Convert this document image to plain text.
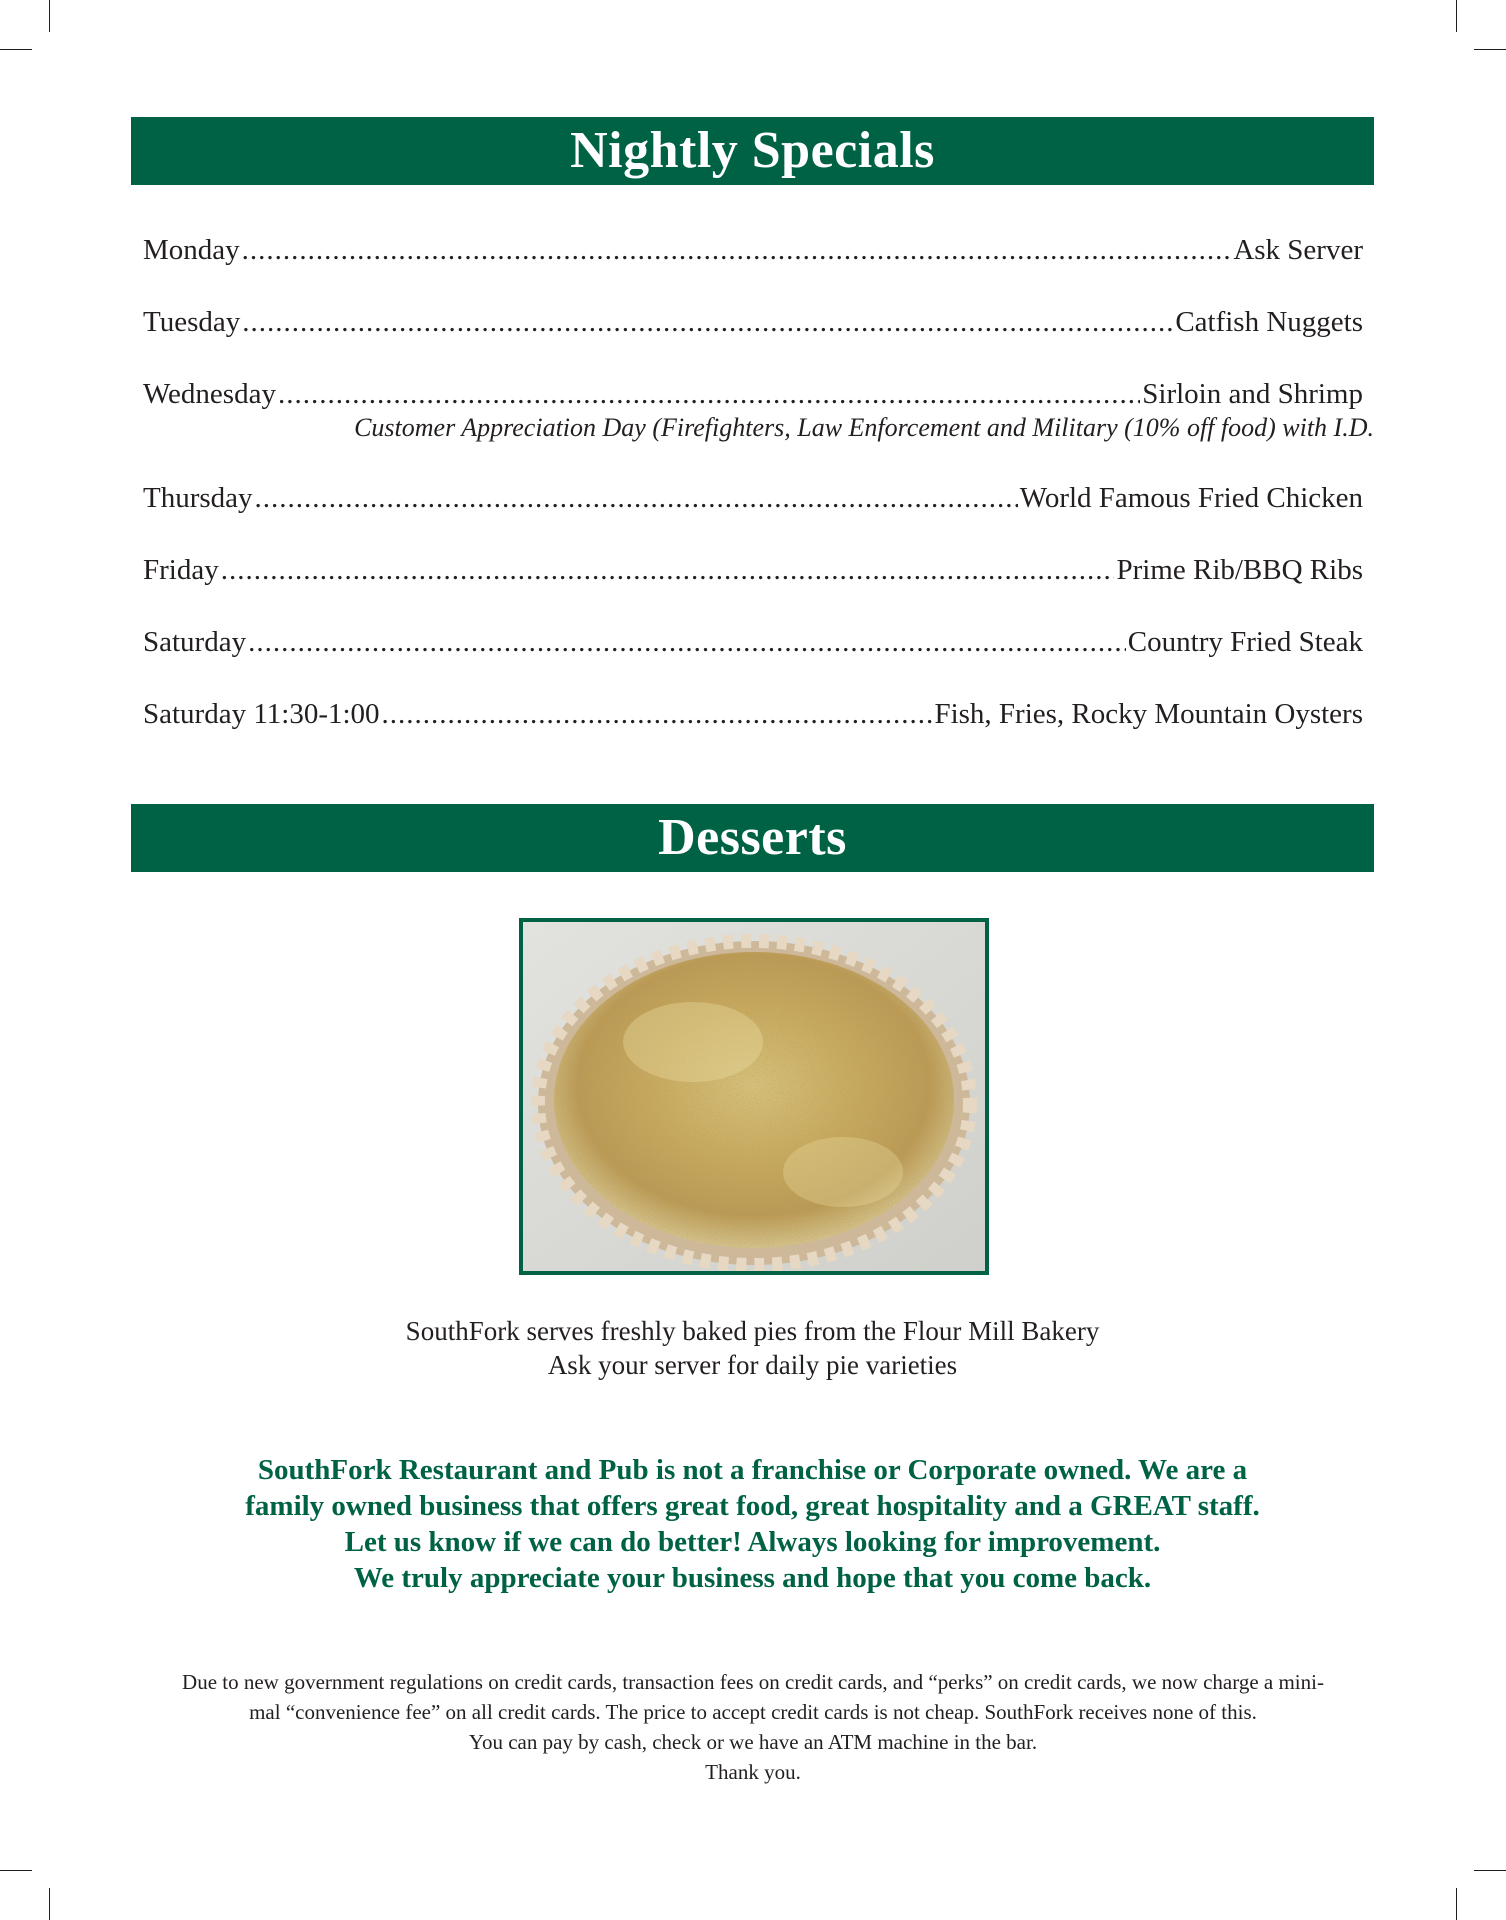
Nightly Specials
Monday .....	Ask Server
Tuesday .....	Catfish Nuggets
Wednesday .....	Sirloin and Shrimp
Customer Appreciation Day (Firefighters, Law Enforcement and Military (10% off food) with I.D.
Thursday .....	World Famous Fried Chicken
Friday .....	Prime Rib/BBQ Ribs
Saturday .....	Country Fried Steak
Saturday 11:30-1:00 .....	Fish, Fries, Rocky Mountain Oysters
Desserts
SouthFork serves freshly baked pies from the Flour Mill Bakery
Ask your server for daily pie varieties
SouthFork Restaurant and Pub is not a franchise or Corporate owned. We are a
family owned business that offers great food, great hospitality and a GREAT staff.
Let us know if we can do better! Always looking for improvement.
We truly appreciate your business and hope that you come back.
Due to new government regulations on credit cards, transaction fees on credit cards, and “perks” on credit cards, we now charge a mini-
mal “convenience fee” on all credit cards. The price to accept credit cards is not cheap. SouthFork receives none of this.
You can pay by cash, check or we have an ATM machine in the bar.
Thank you.
